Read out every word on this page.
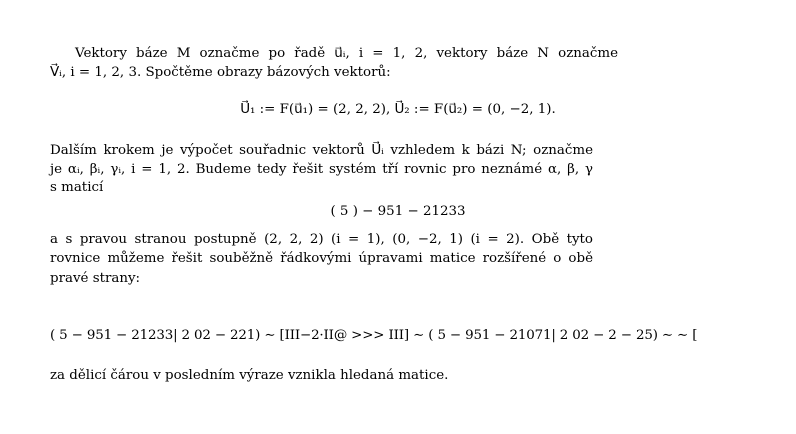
Vektory báze M označme po řadě u⃗ᵢ, i = 1, 2, vektory báze N označme
V⃗ᵢ, i = 1, 2, 3. Spočtěme obrazy bázových vektorů:
U⃗₁ := F(u⃗₁) = (2, 2, 2), U⃗₂ := F(u⃗₂) = (0, −2, 1).
Dalším krokem je výpočet souřadnic vektorů U⃗ᵢ vzhledem k bázi N; označme
je αᵢ, βᵢ, γᵢ, i = 1, 2. Budeme tedy řešit systém tří rovnic pro neznámé α, β, γ
s maticí
( 5 ) − 951 − 21233
a s pravou stranou postupně (2, 2, 2) (i = 1), (0, −2, 1) (i = 2). Obě tyto
rovnice můžeme řešit souběžně řádkovými úpravami matice rozšířené o obě
pravé strany:
( 5 − 951 − 21233| 2 02 − 221) ∼ [III−2·II@ >>> III] ∼ ( 5 − 951 − 21071| 2 02 − 2 − 25) ∼ ∼ [
za dělicí čárou v posledním výraze vznikla hledaná matice.
